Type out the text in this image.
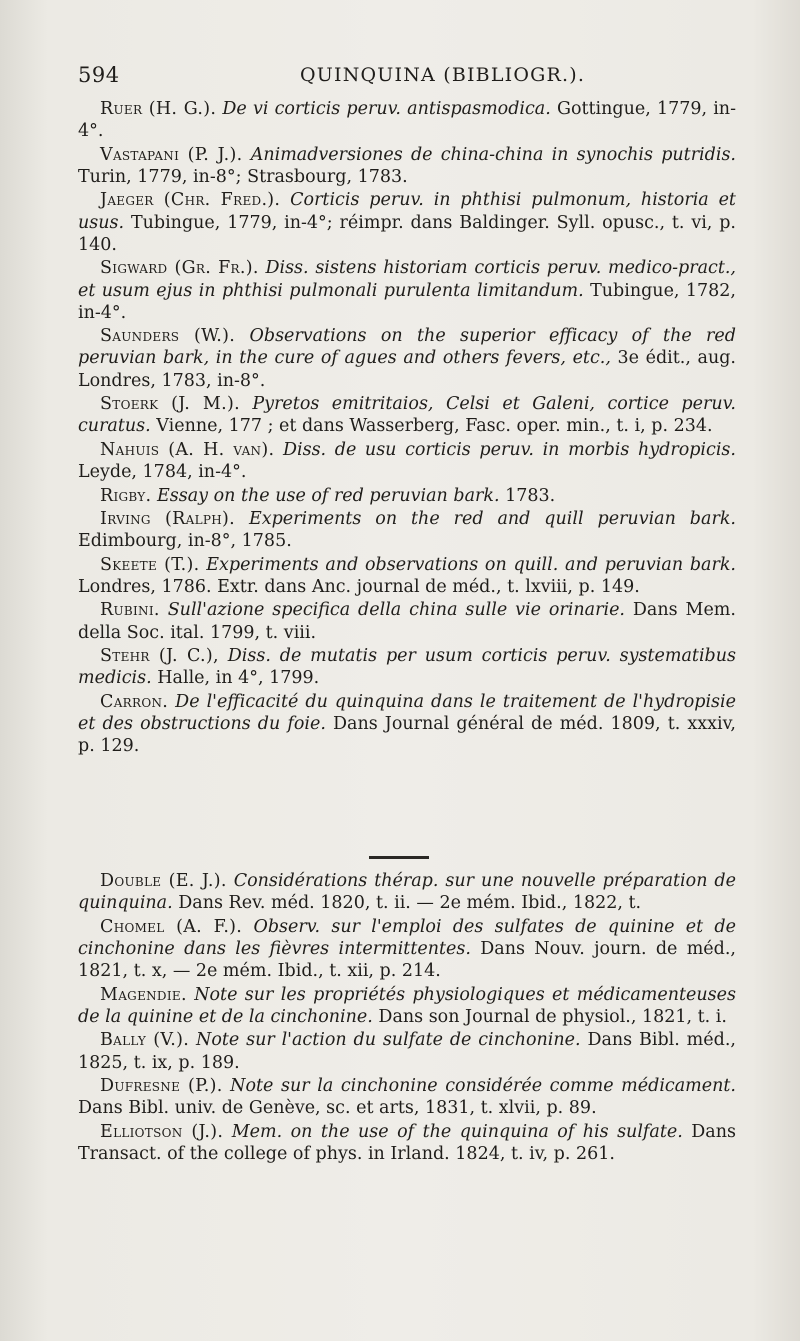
594	QUINQUINA (BIBLIOGR.).

Ruer (H. G.). De vi corticis peruv. antispasmodica. Gottingue, 1779, in-4°.

Vastapani (P. J.). Animadversiones de china-china in synochis putridis. Turin, 1779, in-8°; Strasbourg, 1783.

Jaeger (Chr. Fred.). Corticis peruv. in phthisi pulmonum, historia et usus. Tubingue, 1779, in-4°; réimpr. dans Baldinger. Syll. opusc., t. vi, p. 140.

Sigward (Gr. Fr.). Diss. sistens historiam corticis peruv. medico-pract., et usum ejus in phthisi pulmonali purulenta limitandum. Tubingue, 1782, in-4°.

Saunders (W.). Observations on the superior efficacy of the red peruvian bark, in the cure of agues and others fevers, etc., 3e édit., aug. Londres, 1783, in-8°.

Stoerk (J. M.). Pyretos emitritaios, Celsi et Galeni, cortice peruv. curatus. Vienne, 177 ; et dans Wasserberg, Fasc. oper. min., t. i, p. 234.

Nahuis (A. H. van). Diss. de usu corticis peruv. in morbis hydropicis. Leyde, 1784, in-4°.

Rigby. Essay on the use of red peruvian bark. 1783.

Irving (Ralph). Experiments on the red and quill peruvian bark. Edimbourg, in-8°, 1785.

Skeete (T.). Experiments and observations on quill. and peruvian bark. Londres, 1786. Extr. dans Anc. journal de méd., t. lxviii, p. 149.

Rubini. Sull'azione specifica della china sulle vie orinarie. Dans Mem. della Soc. ital. 1799, t. viii.

Stehr (J. C.), Diss. de mutatis per usum corticis peruv. systematibus medicis. Halle, in 4°, 1799.

Carron. De l'efficacité du quinquina dans le traitement de l'hydropisie et des obstructions du foie. Dans Journal général de méd. 1809, t. xxxiv, p. 129.

Double (E. J.). Considérations thérap. sur une nouvelle préparation de quinquina. Dans Rev. méd. 1820, t. ii. — 2e mém. Ibid., 1822, t.

Chomel (A. F.). Observ. sur l'emploi des sulfates de quinine et de cinchonine dans les fièvres intermittentes. Dans Nouv. journ. de méd., 1821, t. x, — 2e mém. Ibid., t. xii, p. 214.

Magendie. Note sur les propriétés physiologiques et médicamenteuses de la quinine et de la cinchonine. Dans son Journal de physiol., 1821, t. i.

Bally (V.). Note sur l'action du sulfate de cinchonine. Dans Bibl. méd., 1825, t. ix, p. 189.

Dufresne (P.). Note sur la cinchonine considérée comme médicament. Dans Bibl. univ. de Genève, sc. et arts, 1831, t. xlvii, p. 89.

Elliotson (J.). Mem. on the use of the quinquina of his sulfate. Dans Transact. of the college of phys. in Irland. 1824, t. iv, p. 261.
